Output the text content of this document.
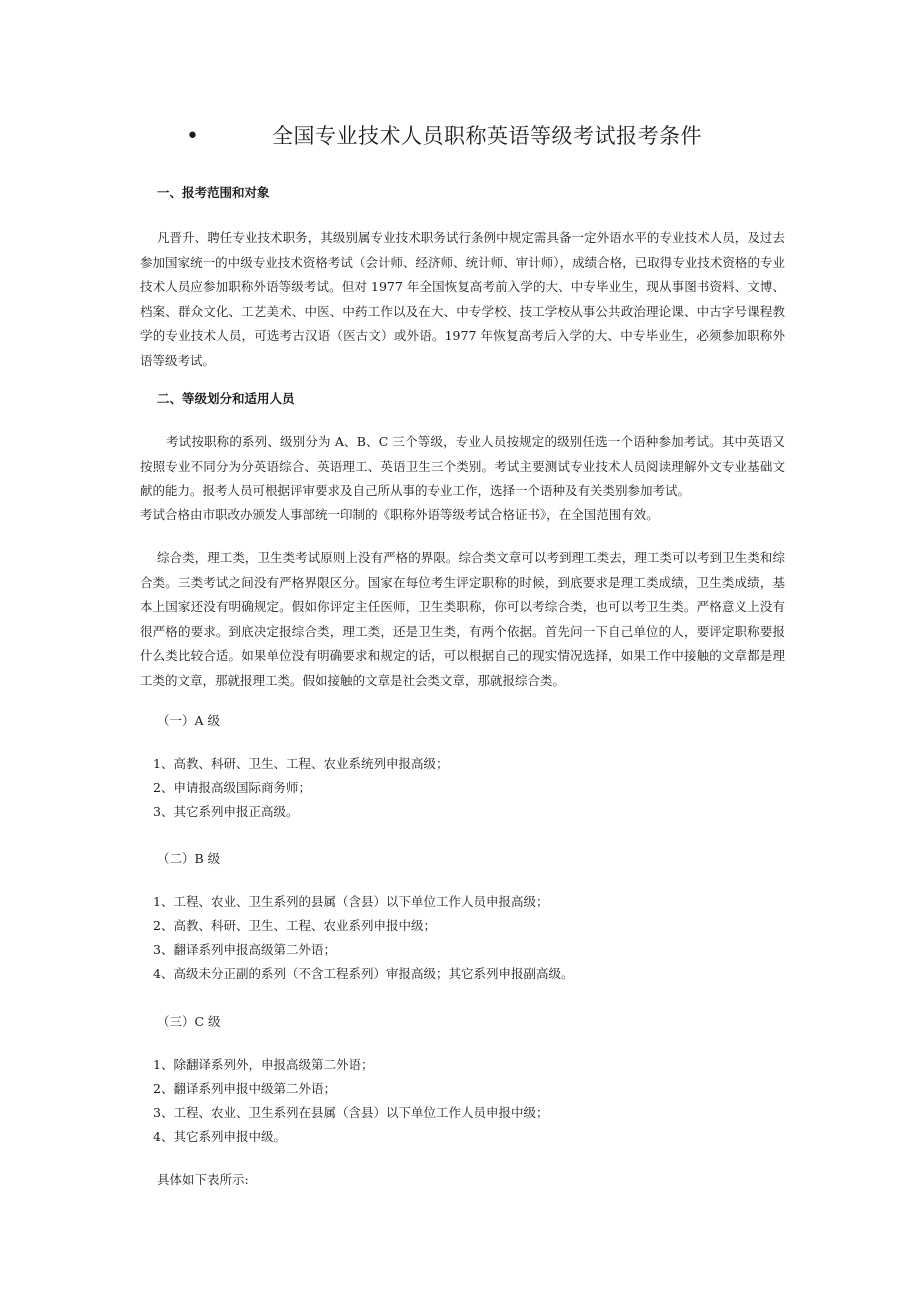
•	全国专业技术人员职称英语等级考试报考条件
一、报考范围和对象
凡晋升、聘任专业技术职务，其级别属专业技术职务试行条例中规定需具备一定外语水平的专业技术人员，及过去参加国家统一的中级专业技术资格考试（会计师、经济师、统计师、审计师），成绩合格，已取得专业技术资格的专业技术人员应参加职称外语等级考试。但对 1977 年全国恢复高考前入学的大、中专毕业生，现从事图书资料、文博、档案、群众文化、工艺美术、中医、中药工作以及在大、中专学校、技工学校从事公共政治理论课、中古字号课程教学的专业技术人员，可选考古汉语（医古文）或外语。1977 年恢复高考后入学的大、中专毕业生，必须参加职称外语等级考试。
二、等级划分和适用人员
考试按职称的系列、级别分为 A、B、C 三个等级，专业人员按规定的级别任选一个语种参加考试。其中英语又按照专业不同分为分英语综合、英语理工、英语卫生三个类别。考试主要测试专业技术人员阅读理解外文专业基础文献的能力。报考人员可根据评审要求及自己所从事的专业工作，选择一个语种及有关类别参加考试。
考试合格由市职改办颁发人事部统一印制的《职称外语等级考试合格证书》，在全国范围有效。
综合类，理工类，卫生类考试原则上没有严格的界限。综合类文章可以考到理工类去，理工类可以考到卫生类和综合类。三类考试之间没有严格界限区分。国家在每位考生评定职称的时候，到底要求是理工类成绩，卫生类成绩，基本上国家还没有明确规定。假如你评定主任医师，卫生类职称，你可以考综合类，也可以考卫生类。严格意义上没有很严格的要求。到底决定报综合类，理工类，还是卫生类，有两个依据。首先问一下自己单位的人，要评定职称要报什么类比较合适。如果单位没有明确要求和规定的话，可以根据自己的现实情况选择，如果工作中接触的文章都是理工类的文章，那就报理工类。假如接触的文章是社会类文章，那就报综合类。
（一）A 级
1、高教、科研、卫生、工程、农业系统列申报高级；
2、申请报高级国际商务师；
3、其它系列申报正高级。
（二）B 级
1、工程、农业、卫生系列的县属（含县）以下单位工作人员申报高级；
2、高教、科研、卫生、工程、农业系列申报中级；
3、翻译系列申报高级第二外语；
4、高级未分正副的系列（不含工程系列）审报高级；其它系列申报副高级。
（三）C 级
1、除翻译系列外，申报高级第二外语；
2、翻译系列申报中级第二外语；
3、工程、农业、卫生系列在县属（含县）以下单位工作人员申报中级；
4、其它系列申报中级。
具体如下表所示:
